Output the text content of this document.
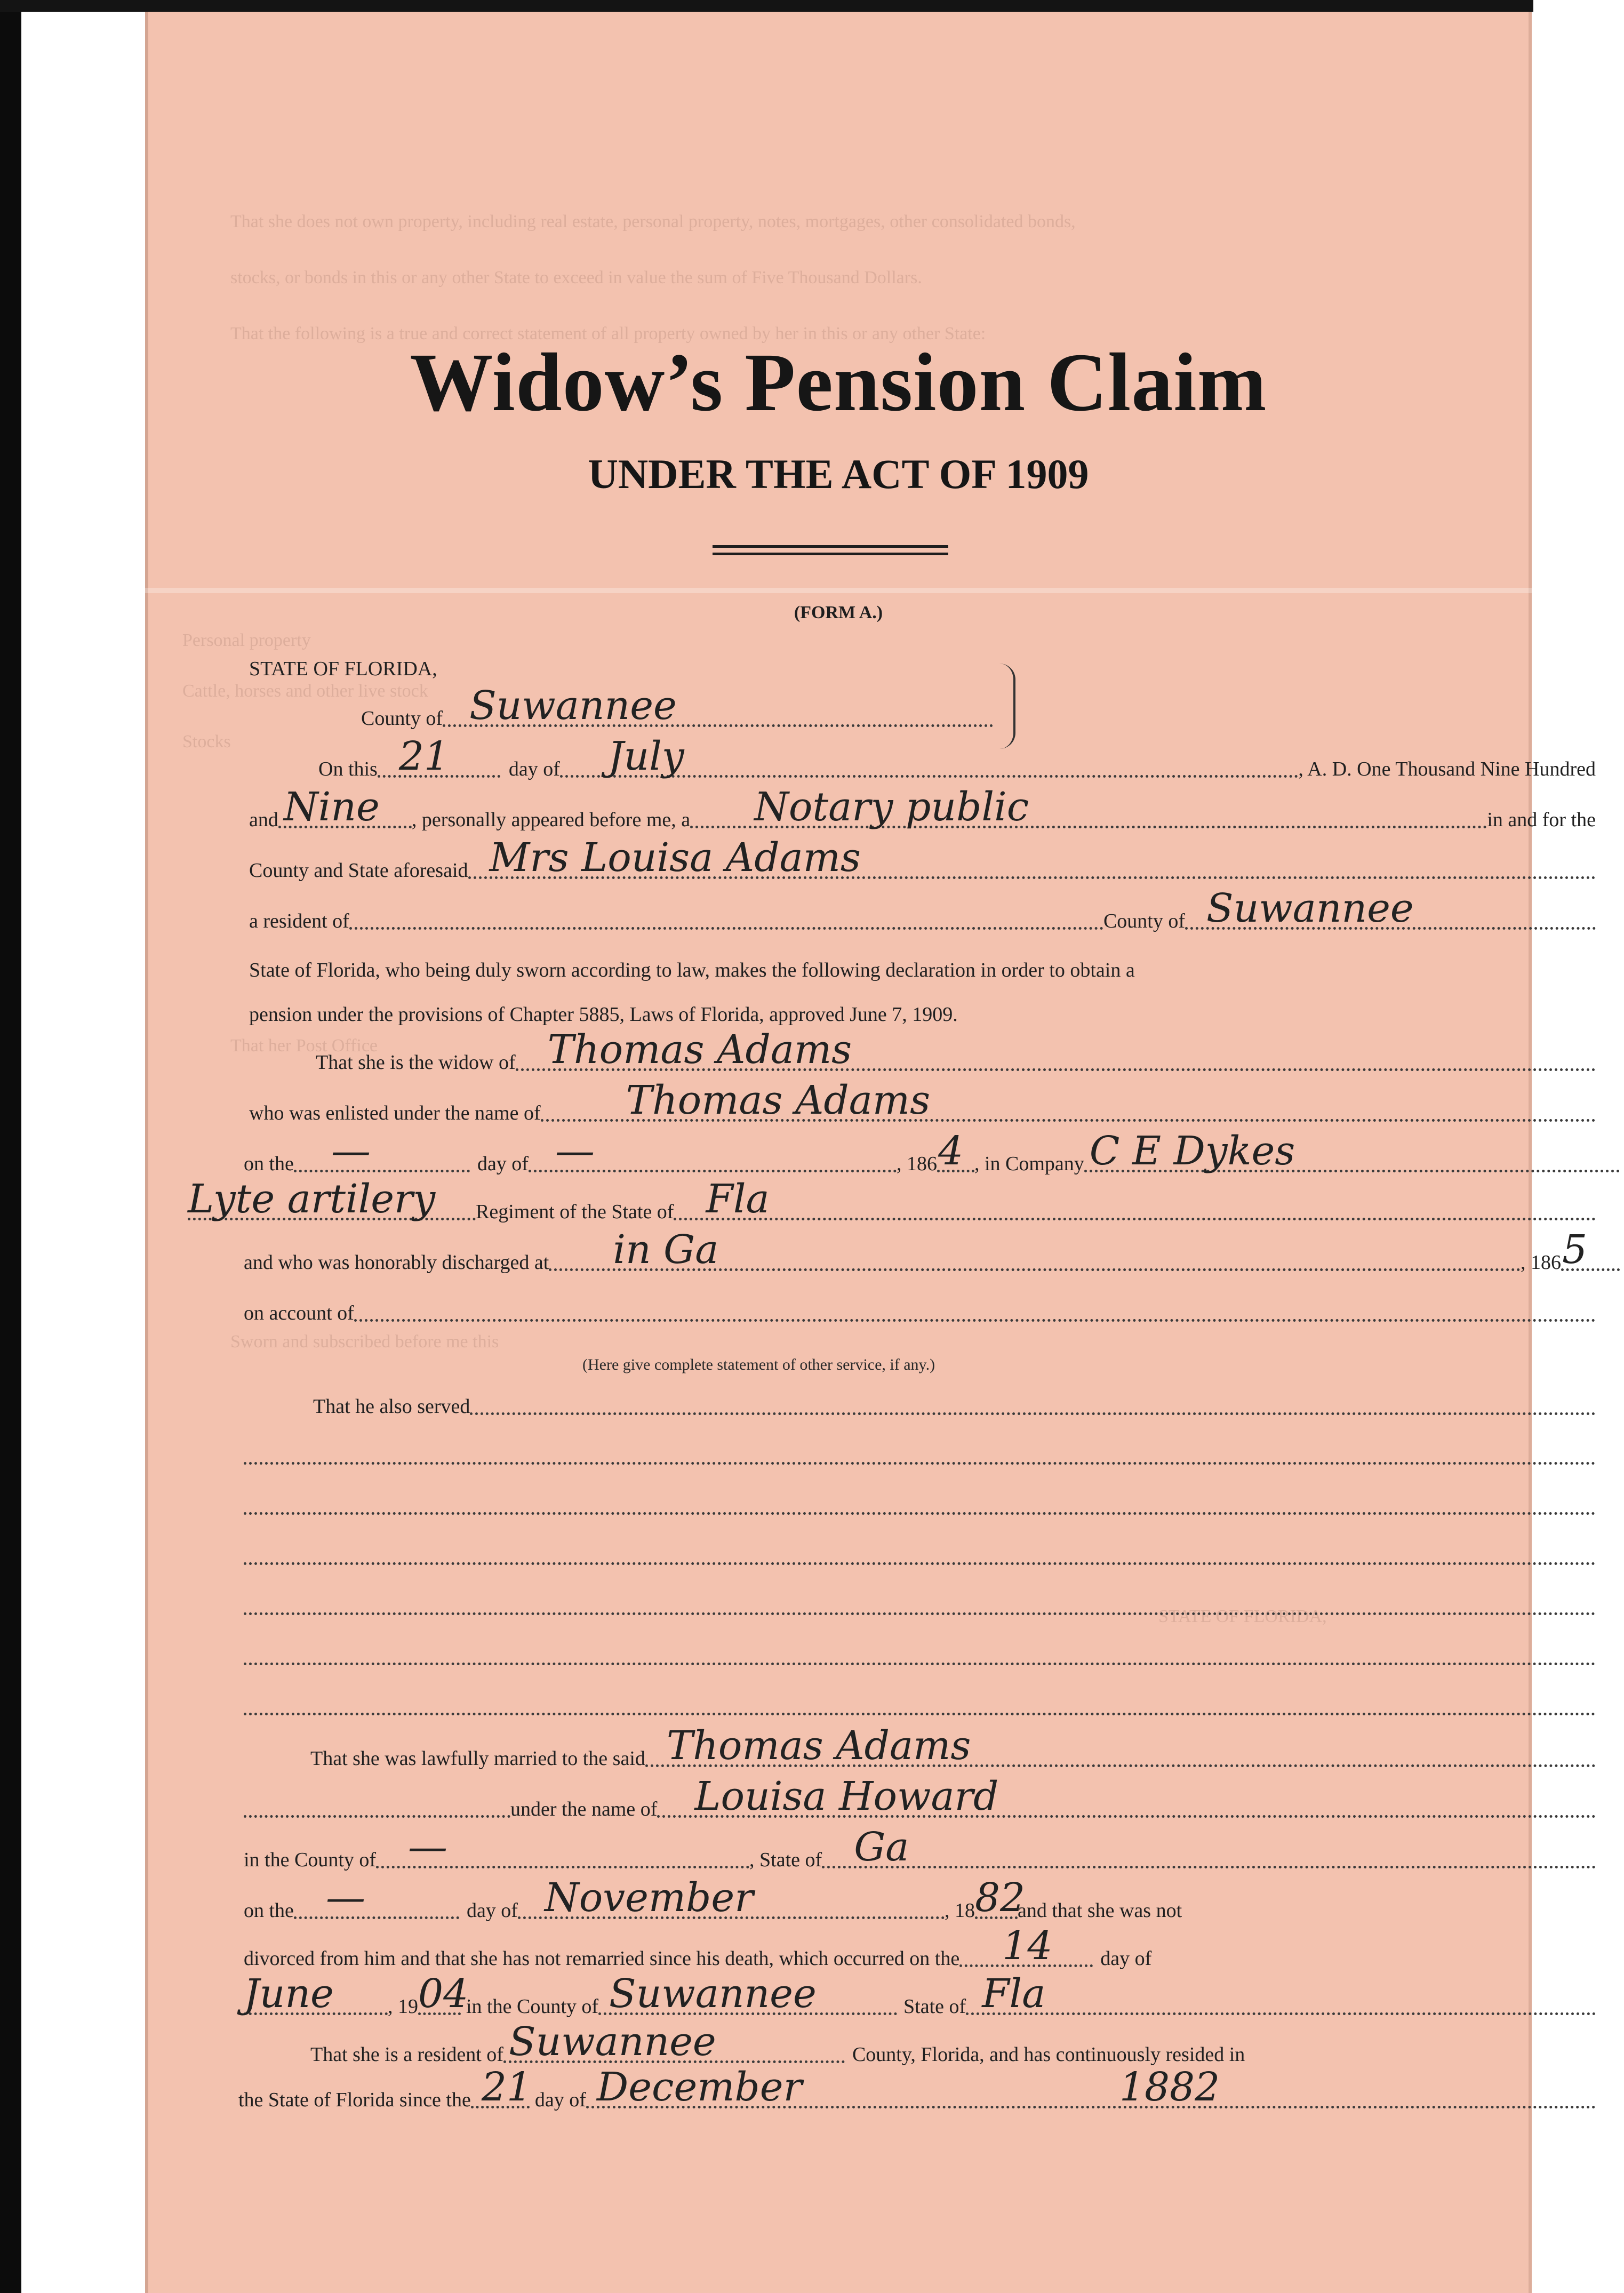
That she does not own property, including real estate, personal property, notes, mortgages, other consolidated bonds,
stocks, or bonds in this or any other State to exceed in value the sum of Five Thousand Dollars.
That the following is a true and correct statement of all property owned by her in this or any other State:
Personal property
Cattle, horses and other live stock
Stocks
That her Post Office
Sworn and subscribed before me this
STATE OF FLORIDA,
Widow’s Pension Claim
UNDER THE ACT OF 1909
(FORM A.)
STATE OF FLORIDA,
County of Suwannee
On this 21	day of July	, A. D. One Thousand Nine Hundred
and Nine , personally appeared before me, a Notary public	in and for the
County and State aforesaid Mrs Louisa Adams
a resident of	County of Suwannee
State of Florida, who being duly sworn according to law, makes the following declaration in order to obtain a
pension under the provisions of Chapter 5885, Laws of Florida, approved June 7, 1909.
That she is the widow of Thomas Adams
who was enlisted under the name of Thomas Adams
on the —	day of —	, 186 4 , in Company C E Dykes
Lyte artilery Regiment of the State of Fla
and who was honorably discharged at in Ga	, 186 5
on account of
(Here give complete statement of other service, if any.)
That he also served
That she was lawfully married to the said Thomas Adams
under the name of Louisa Howard
in the County of —	, State of Ga
on the —	day of November	, 18 82
and that she was not
divorced from him and that she has not remarried since his death, which occurred on the 14 day of
June	, 19 04
in the County of Suwannee	State of Fla
That she is a resident of Suwannee	County, Florida, and has continuously resided in
the State of Florida since the 21 day of December	1882
